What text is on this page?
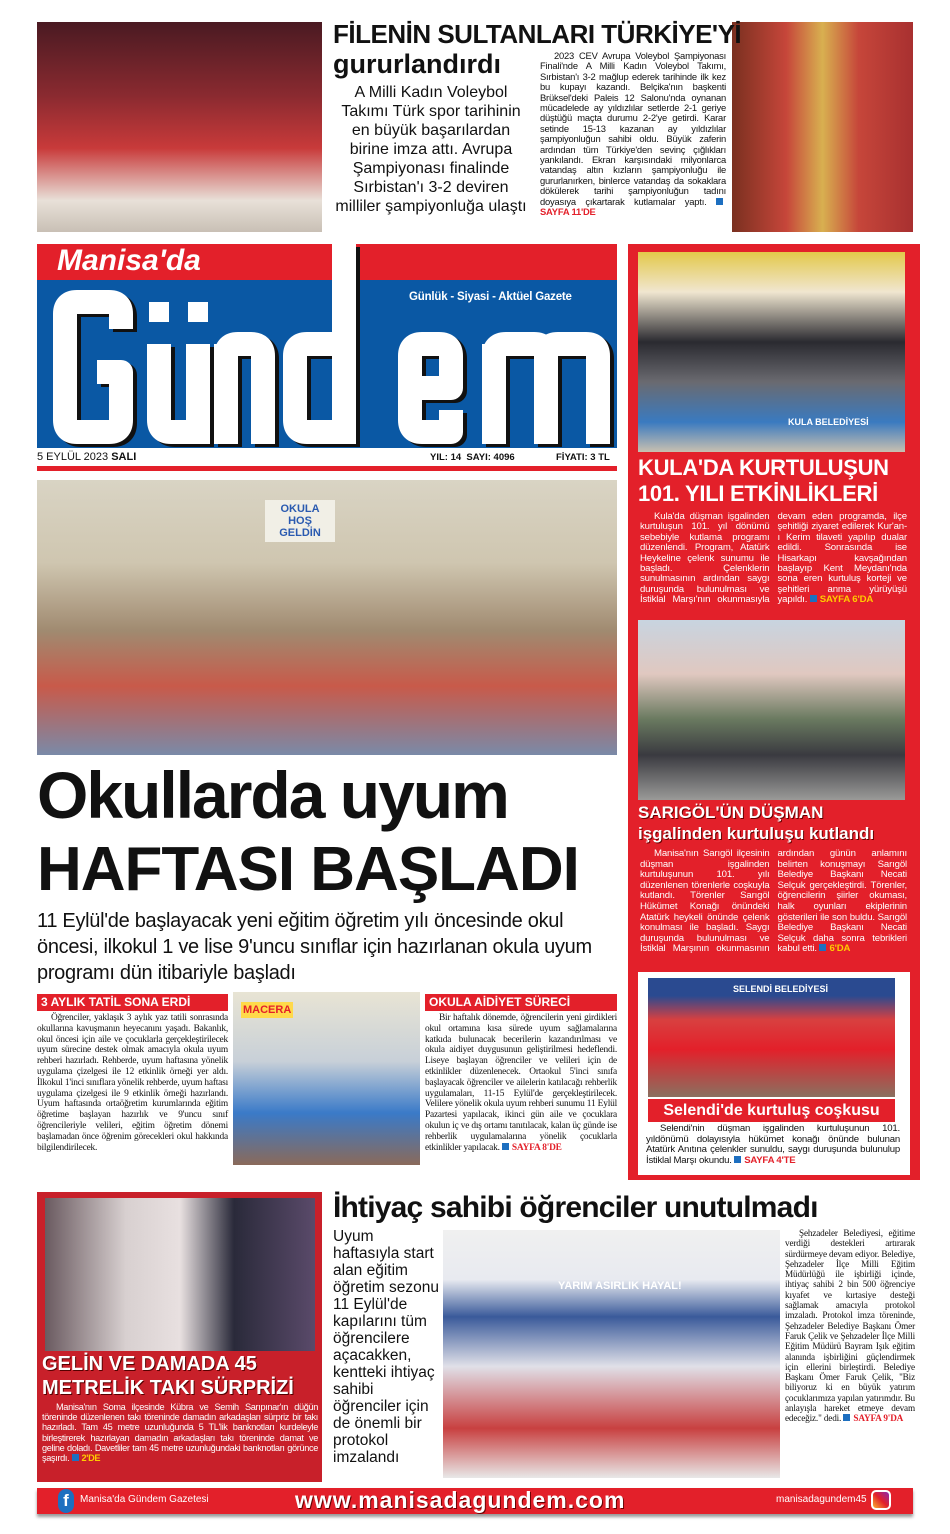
FİLENİN SULTANLARI TÜRKİYE'Yİ
gururlandırdı
A Milli Kadın Voleybol Takımı Türk spor tarihinin en büyük başarılardan birine imza attı. Avrupa Şampiyonası finalinde Sırbistan'ı 3-2 deviren milliler şampiyonluğa ulaştı
2023 CEV Avrupa Voleybol Şampiyonası Finali'nde A Milli Kadın Voleybol Takımı, Sırbistan'ı 3-2 mağlup ederek tarihinde ilk kez bu kupayı kazandı. Belçika'nın başkenti Brüksel'deki Paleis 12 Salonu'nda oynanan mücadelede ay yıldızlılar setlerde 2-1 geriye düştüğü maçta durumu 2-2'ye getirdi. Karar setinde 15-13 kazanan ay yıldızlılar şampiyonluğun sahibi oldu. Büyük zaferin ardından tüm Türkiye'den sevinç çığlıkları yankılandı. Ekran karşısındaki milyonlarca vatandaş altın kızların şampiyonluğu ile gururlanırken, binlerce vatandaş da sokaklara dökülerek tarihi şampiyonluğun tadını doyasıya çıkartarak kutlamalar yaptı. SAYFA 11'DE
Manisa'da
Günlük - Siyasi - Aktüel Gazete
5 EYLÜL 2023 SALI	YIL: 14  SAYI: 4096	FİYATI: 3 TL
OKULA HOŞ GELDİN
Okullarda uyum
HAFTASI BAŞLADI
11 Eylül'de başlayacak yeni eğitim öğretim yılı öncesinde okul öncesi, ilkokul 1 ve lise 9'uncu sınıflar için hazırlanan okula uyum programı dün itibariyle başladı
3 AYLIK TATİL SONA ERDİ
Öğrenciler, yaklaşık 3 aylık yaz tatili sonrasında okullarına kavuşmanın heyecanını yaşadı. Bakanlık, okul öncesi için aile ve çocuklarla gerçekleştirilecek uyum sürecine destek olmak amacıyla okula uyum rehberi hazırladı. Rehberde, uyum haftasına yönelik uygulama çizelgesi ile 12 etkinlik örneği yer aldı. İlkokul 1'inci sınıflara yönelik rehberde, uyum haftası uygulama çizelgesi ile 9 etkinlik örneği hazırlandı. Uyum haftasında ortaöğretim kurumlarında eğitim öğretime başlayan hazırlık ve 9'uncu sınıf öğrencileriyle velileri, eğitim öğretim dönemi başlamadan önce öğrenim görecekleri okul hakkında bilgilendirilecek.
MACERA
OKULA AİDİYET SÜRECİ
Bir haftalık dönemde, öğrencilerin yeni girdikleri okul ortamına kısa sürede uyum sağlamalarına katkıda bulunacak becerilerin kazandırılması ve okula aidiyet duygusunun geliştirilmesi hedeflendi. Liseye başlayan öğrenciler ve velileri için de etkinlikler düzenlenecek. Ortaokul 5'inci sınıfa başlayacak öğrenciler ve ailelerin katılacağı rehberlik uygulamaları, 11-15 Eylül'de gerçekleştirilecek. Velilere yönelik okula uyum rehberi sunumu 11 Eylül Pazartesi yapılacak, ikinci gün aile ve çocuklara okulun iç ve dış ortamı tanıtılacak, kalan üç günde ise rehberlik uygulamalarına yönelik çocuklarla etkinlikler yapılacak. SAYFA 8'DE
KULA BELEDİYESİ
KULA'DA KURTULUŞUN
101. YILI ETKİNLİKLERİ
Kula'da düşman işgalinden kurtuluşun 101. yıl dönümü sebebiyle kutlama programı düzenlendi. Program, Atatürk Heykeline çelenk sunumu ile başladı. Çelenklerin sunulmasının ardından saygı duruşunda bulunulması ve İstiklal Marşı'nın okunmasıyla devam eden programda, ilçe şehitliği ziyaret edilerek Kur'an-ı Kerim tilaveti yapılıp dualar edildi. Sonrasında ise Hisarkapı kavşağından başlayıp Kent Meydanı'nda sona eren kurtuluş korteji ve şehitleri anma yürüyüşü yapıldı. SAYFA 6'DA
SARIGÖL'ÜN DÜŞMAN
işgalinden kurtuluşu kutlandı
Manisa'nın Sarıgöl ilçesinin düşman işgalinden kurtuluşunun 101. yılı düzenlenen törenlerle coşkuyla kutlandı. Törenler Sarıgöl Hükümet Konağı önündeki Atatürk heykeli önünde çelenk konulması ile başladı. Saygı duruşunda bulunulması ve İstiklal Marşının okunmasının ardından günün anlamını belirten konuşmayı Sarıgöl Belediye Başkanı Necati Selçuk gerçekleştirdi. Törenler, öğrencilerin şiirler okuması, halk oyunları ekiplerinin gösterileri ile son buldu. Sarıgöl Belediye Başkanı Necati Selçuk daha sonra tebrikleri kabul etti. 6'DA
SELENDİ BELEDİYESİ
Selendi'de kurtuluş coşkusu
Selendi'nin düşman işgalinden kurtuluşunun 101. yıldönümü dolayısıyla hükümet konağı önünde bulunan Atatürk Anıtına çelenkler sunuldu, saygı duruşunda bulunulup İstiklal Marşı okundu. SAYFA 4'TE
GELİN VE DAMADA 45
METRELİK TAKI SÜRPRİZİ
Manisa'nın Soma ilçesinde Kübra ve Semih Sarıpınar'ın düğün töreninde düzenlenen takı töreninde damadın arkadaşları sürpriz bir takı hazırladı. Tam 45 metre uzunluğunda 5 TL'lik banknotları kurdeleyle birleştirerek hazırlayan damadın arkadaşları takı töreninde damat ve geline doladı. Davetliler tam 45 metre uzunluğundaki banknotları görünce şaşırdı. 2'DE
İhtiyaç sahibi öğrenciler unutulmadı
Uyum haftasıyla start alan eğitim öğretim sezonu 11 Eylül'de kapılarını tüm öğrencilere açacakken, kentteki ihtiyaç sahibi öğrenciler için de önemli bir protokol imzalandı
YARIM ASIRLIK HAYAL!
Şehzadeler Belediyesi, eğitime verdiği destekleri artırarak sürdürmeye devam ediyor. Belediye, Şehzadeler İlçe Milli Eğitim Müdürlüğü ile işbirliği içinde, ihtiyaç sahibi 2 bin 500 öğrenciye kıyafet ve kırtasiye desteği sağlamak amacıyla protokol imzaladı. Protokol imza töreninde, Şehzadeler Belediye Başkanı Ömer Faruk Çelik ve Şehzadeler İlçe Milli Eğitim Müdürü Bayram Işık eğitim alanında işbirliğini güçlendirmek için ellerini birleştirdi. Belediye Başkanı Ömer Faruk Çelik, "Biz biliyoruz ki en büyük yatırım çocuklarımıza yapılan yatırımdır. Bu anlayışla hareket etmeye devam edeceğiz." dedi. SAYFA 9'DA
f	Manisa'da Gündem Gazetesi	www.manisadagundem.com	manisadagundem45
